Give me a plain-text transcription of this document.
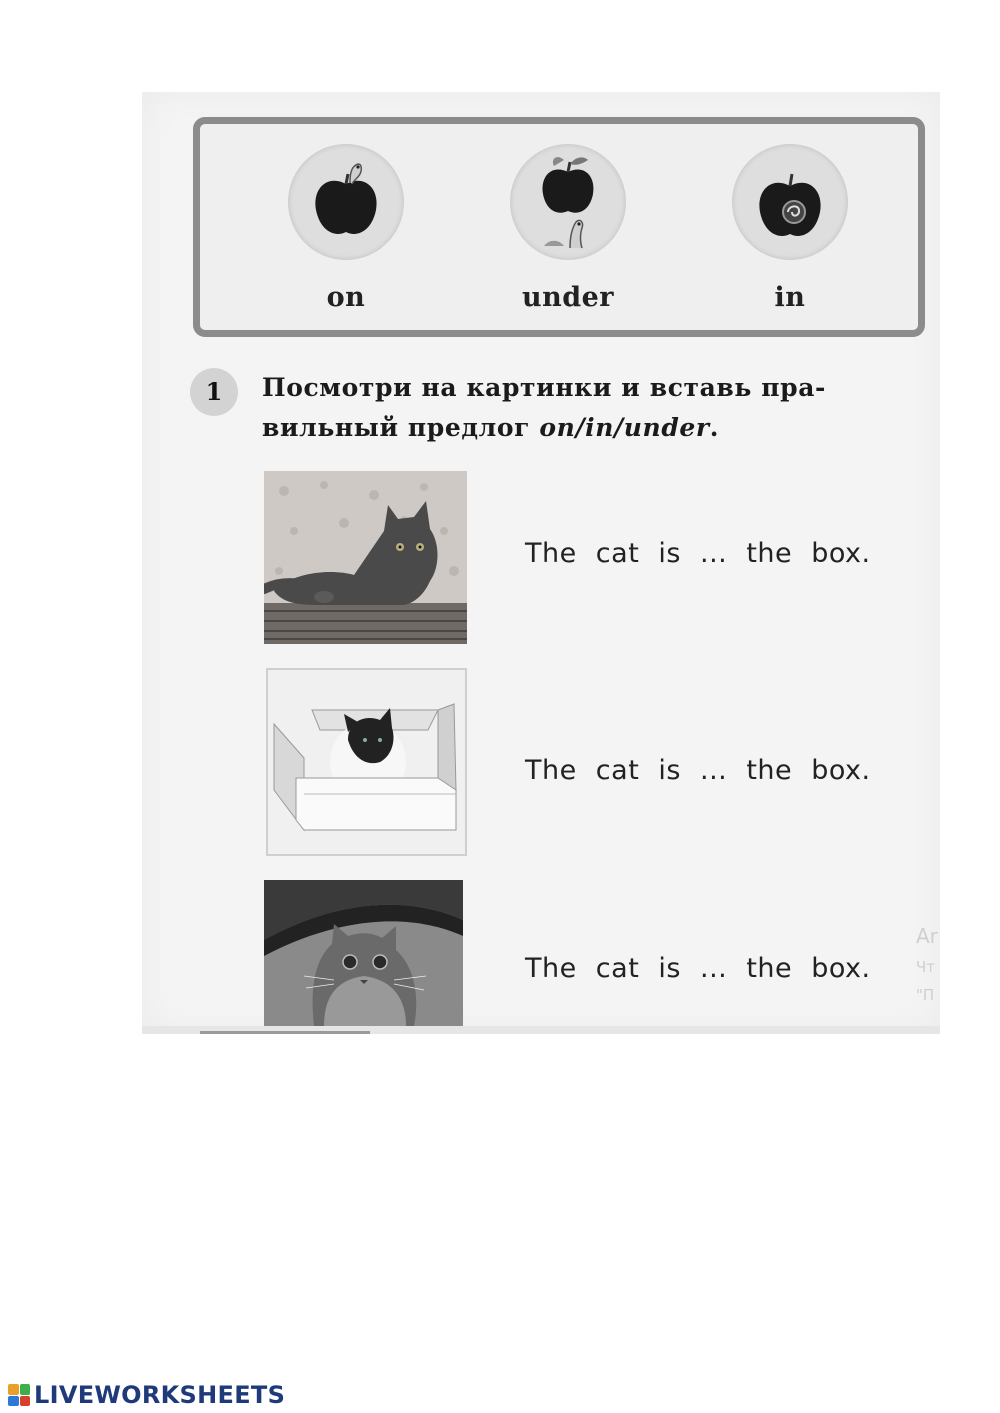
on	under	in
1	Посмотри на картинки и вставь пра-
вильный предлог on/in/under.
The cat is ... the box.
The cat is ... the box.
The cat is ... the box.
Ar
Чт
"П
LIVEWORKSHEETS
